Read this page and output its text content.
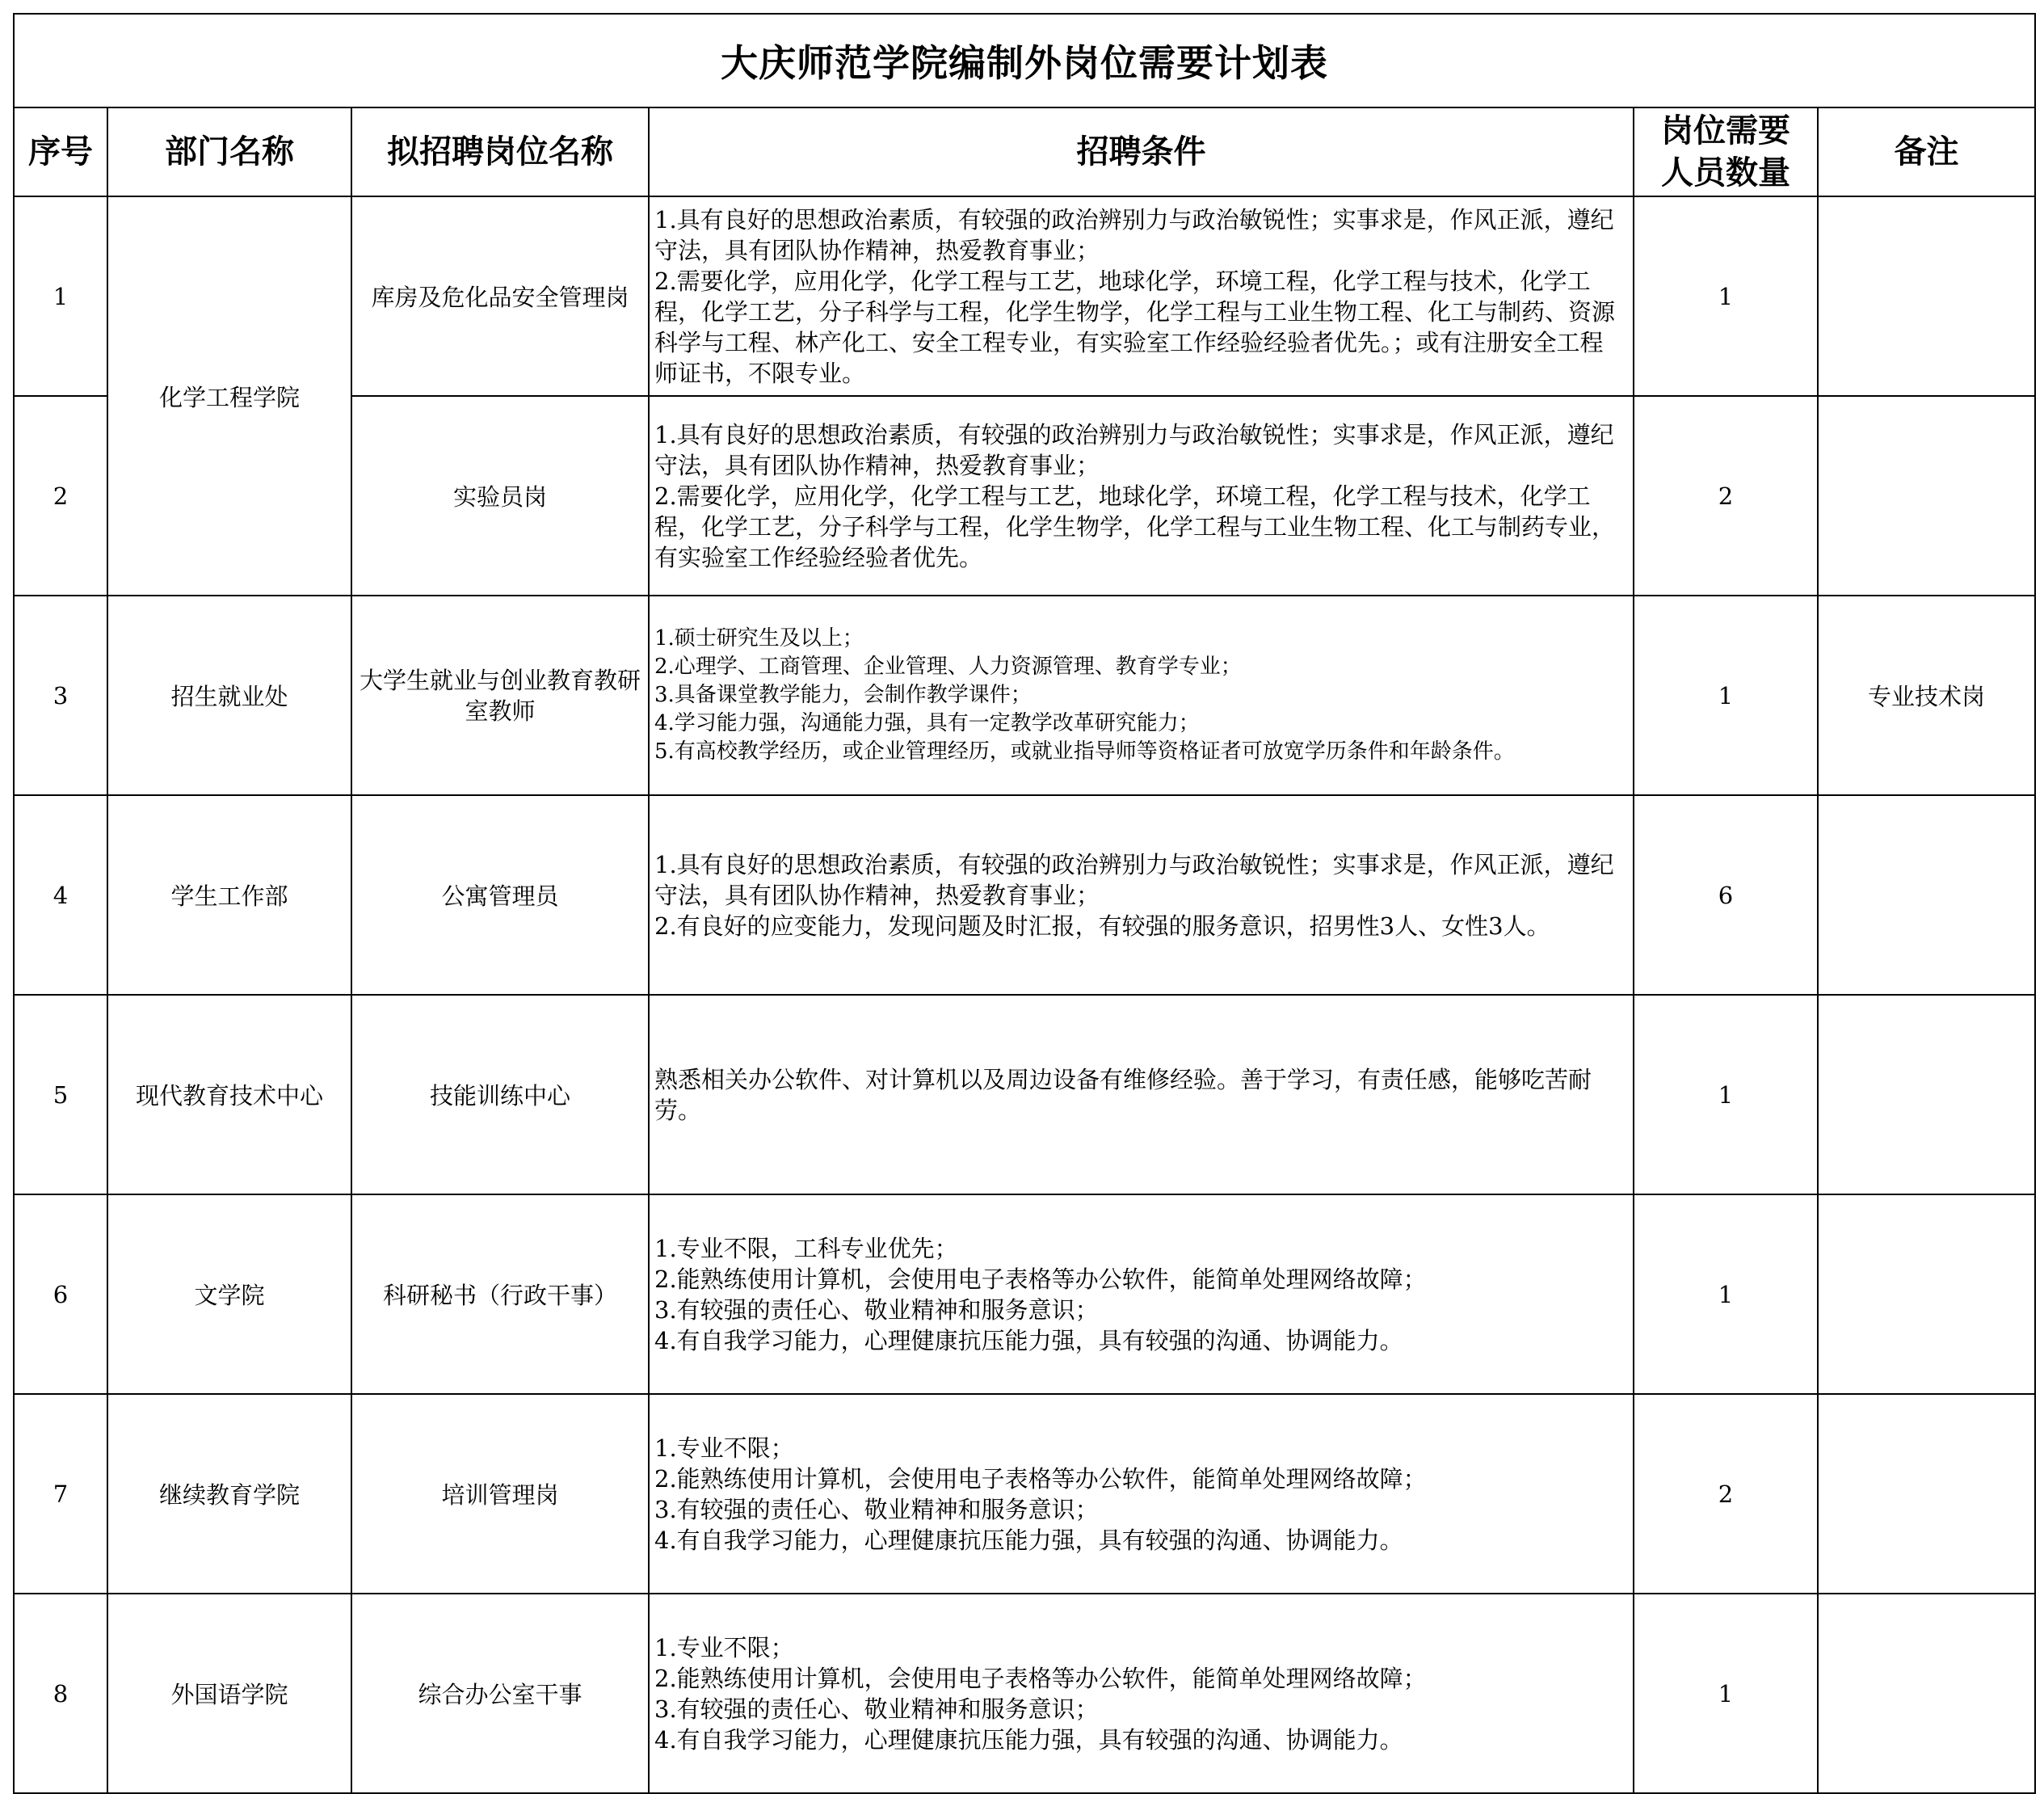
大庆师范学院编制外岗位需要计划表					
序号	部门名称	拟招聘岗位名称	招聘条件	岗位需要人员数量	备注
1	化学工程学院	库房及危化品安全管理岗	1.具有良好的思想政治素质，有较强的政治辨别力与政治敏锐性；实事求是，作风正派，遵纪守法，具有团队协作精神，热爱教育事业；
2.需要化学，应用化学，化学工程与工艺，地球化学，环境工程，化学工程与技术，化学工程，化学工艺，分子科学与工程，化学生物学，化学工程与工业生物工程、化工与制药、资源科学与工程、林产化工、安全工程专业，有实验室工作经验经验者优先。；或有注册安全工程师证书，不限专业。	1	
2		实验员岗	1.具有良好的思想政治素质，有较强的政治辨别力与政治敏锐性；实事求是，作风正派，遵纪守法，具有团队协作精神，热爱教育事业；
2.需要化学，应用化学，化学工程与工艺，地球化学，环境工程，化学工程与技术，化学工程，化学工艺，分子科学与工程，化学生物学，化学工程与工业生物工程、化工与制药专业，有实验室工作经验经验者优先。	2	
3	招生就业处	大学生就业与创业教育教研室教师	1.硕士研究生及以上；
2.心理学、工商管理、企业管理、人力资源管理、教育学专业；
3.具备课堂教学能力，会制作教学课件；
4.学习能力强，沟通能力强，具有一定教学改革研究能力；
5.有高校教学经历，或企业管理经历，或就业指导师等资格证者可放宽学历条件和年龄条件。	1	专业技术岗
4	学生工作部	公寓管理员	1.具有良好的思想政治素质，有较强的政治辨别力与政治敏锐性；实事求是，作风正派，遵纪守法，具有团队协作精神，热爱教育事业；
2.有良好的应变能力，发现问题及时汇报，有较强的服务意识，招男性3人、女性3人。	6	
5	现代教育技术中心	技能训练中心	熟悉相关办公软件、对计算机以及周边设备有维修经验。善于学习，有责任感，能够吃苦耐劳。	1	
6	文学院	科研秘书（行政干事）	1.专业不限，工科专业优先；
2.能熟练使用计算机，会使用电子表格等办公软件，能简单处理网络故障；
3.有较强的责任心、敬业精神和服务意识；
4.有自我学习能力，心理健康抗压能力强，具有较强的沟通、协调能力。	1	
7	继续教育学院	培训管理岗	1.专业不限；
2.能熟练使用计算机，会使用电子表格等办公软件，能简单处理网络故障；
3.有较强的责任心、敬业精神和服务意识；
4.有自我学习能力，心理健康抗压能力强，具有较强的沟通、协调能力。	2	
8	外国语学院	综合办公室干事	1.专业不限；
2.能熟练使用计算机，会使用电子表格等办公软件，能简单处理网络故障；
3.有较强的责任心、敬业精神和服务意识；
4.有自我学习能力，心理健康抗压能力强，具有较强的沟通、协调能力。	1	
